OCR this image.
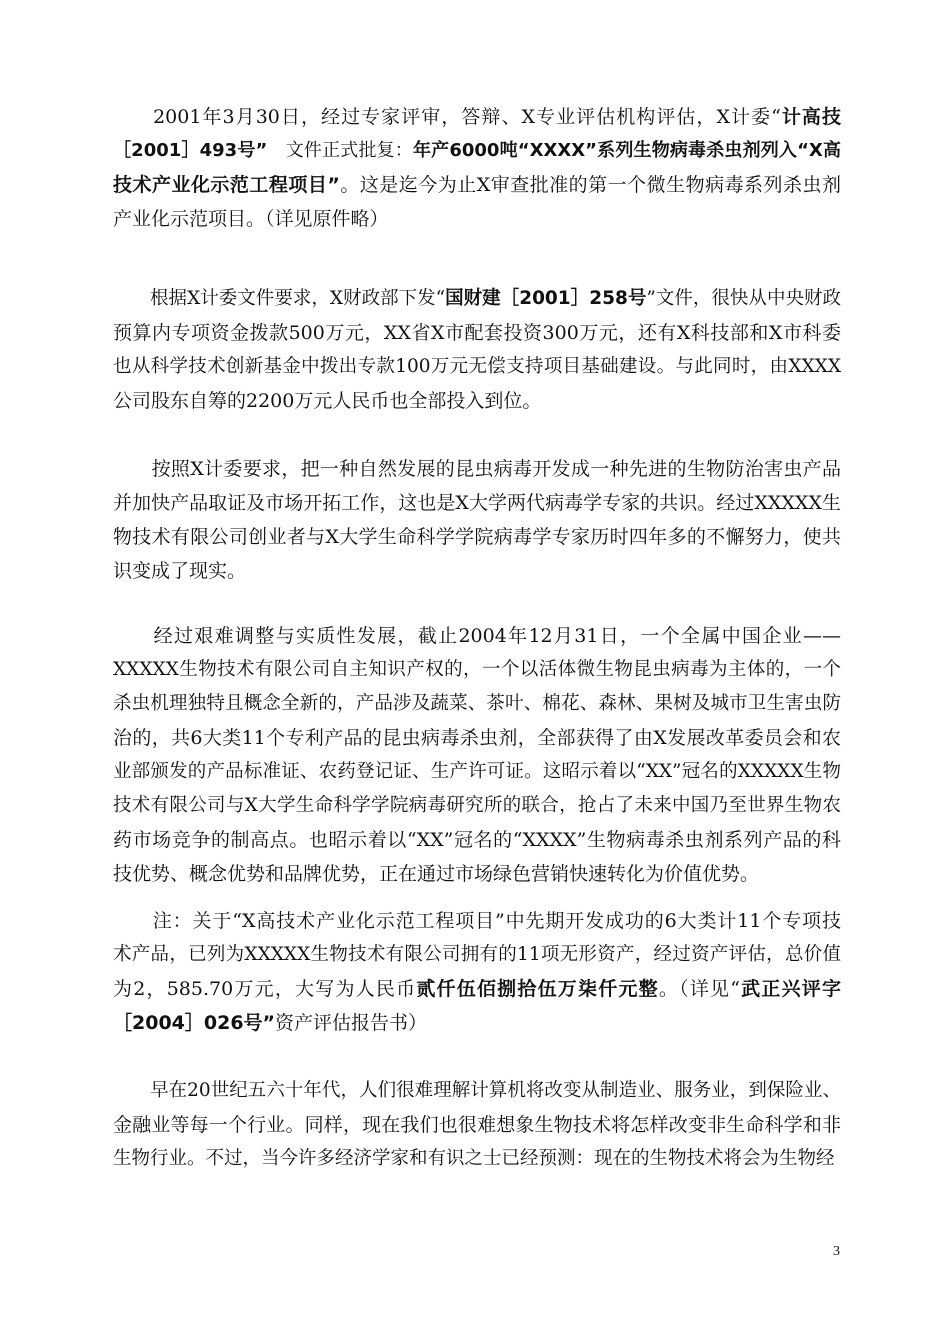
　　2001年3月30日，经过专家评审，答辩、X专业评估机构评估，X计委“计高技
［2001］493号”　文件正式批复：年产6000吨“XXXX”系列生物病毒杀虫剂列入“X高
技术产业化示范工程项目”。这是迄今为止X审查批准的第一个微生物病毒系列杀虫剂
产业化示范项目。（详见原件略）
　　根据X计委文件要求，X财政部下发“国财建［2001］258号”文件，很快从中央财政
预算内专项资金拨款500万元，XX省X市配套投资300万元，还有X科技部和X市科委
也从科学技术创新基金中拨出专款100万元无偿支持项目基础建设。与此同时，由XXXX
公司股东自筹的2200万元人民币也全部投入到位。
　　按照X计委要求，把一种自然发展的昆虫病毒开发成一种先进的生物防治害虫产品
并加快产品取证及市场开拓工作，这也是X大学两代病毒学专家的共识。经过XXXXX生
物技术有限公司创业者与X大学生命科学学院病毒学专家历时四年多的不懈努力，使共
识变成了现实。
　　经过艰难调整与实质性发展，截止2004年12月31日，一个全属中国企业——
XXXXX生物技术有限公司自主知识产权的，一个以活体微生物昆虫病毒为主体的，一个
杀虫机理独特且概念全新的，产品涉及蔬菜、茶叶、棉花、森林、果树及城市卫生害虫防
治的，共6大类11个专利产品的昆虫病毒杀虫剂，全部获得了由X发展改革委员会和农
业部颁发的产品标准证、农药登记证、生产许可证。这昭示着以“XX”冠名的XXXXX生物
技术有限公司与X大学生命科学学院病毒研究所的联合，抢占了未来中国乃至世界生物农
药市场竞争的制高点。也昭示着以“XX”冠名的“XXXX”生物病毒杀虫剂系列产品的科
技优势、概念优势和品牌优势，正在通过市场绿色营销快速转化为价值优势。
　　注：关于“X高技术产业化示范工程项目”中先期开发成功的6大类计11个专项技
术产品，已列为XXXXX生物技术有限公司拥有的11项无形资产，经过资产评估，总价值
为2，585.70万元，大写为人民币贰仟伍佰捌拾伍万柒仟元整。（详见“武正兴评字
［2004］026号”资产评估报告书）
　　早在20世纪五六十年代，人们很难理解计算机将改变从制造业、服务业，到保险业、
金融业等每一个行业。同样，现在我们也很难想象生物技术将怎样改变非生命科学和非
生物行业。不过，当今许多经济学家和有识之士已经预测：现在的生物技术将会为生物经
3
